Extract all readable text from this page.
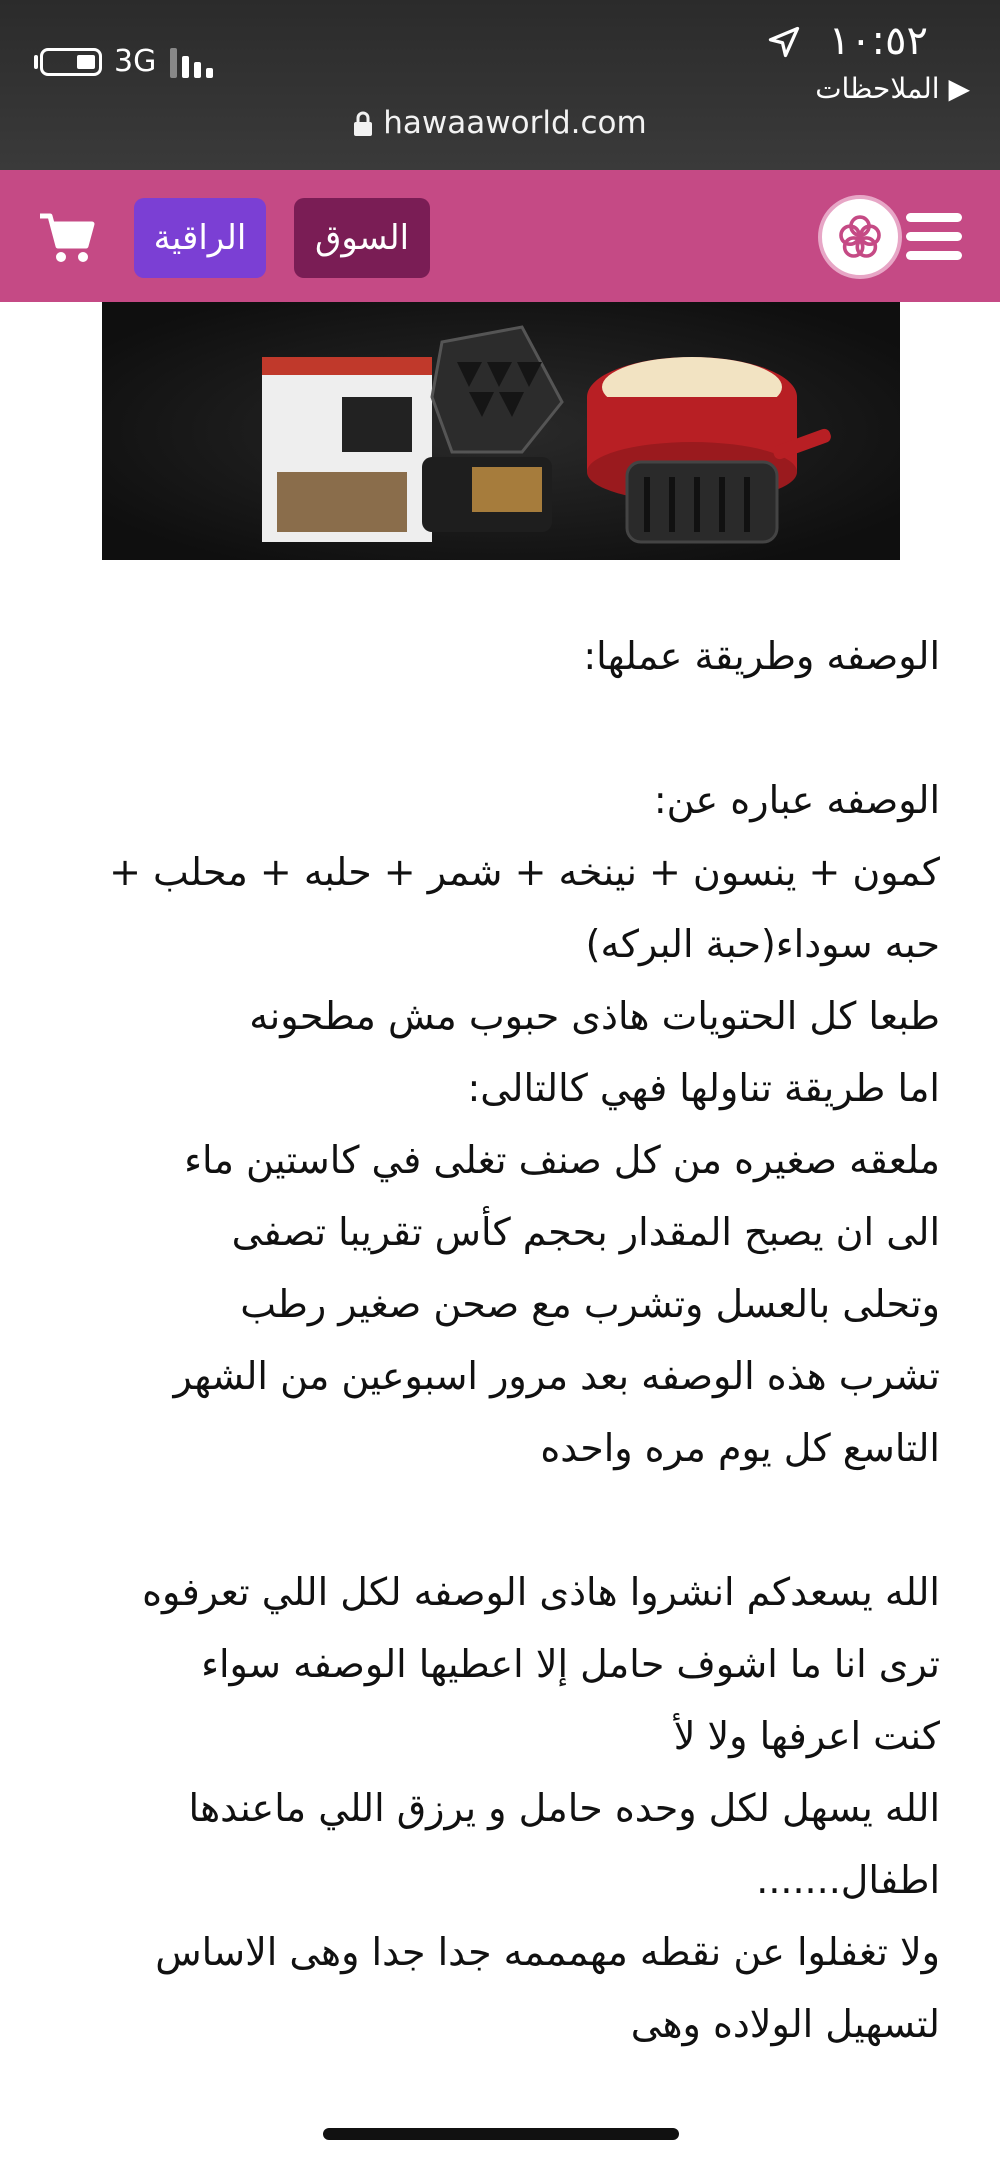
3G	١٠:٥٢
▶ الملاحظات
hawaaworld.com
السوق
الراقية

الوصفه وطريقة عملها:

الوصفه عباره عن:

كمون + ينسون + نينخه + شمر + حلبه + محلب +

حبه سوداء(حبة البركه)

طبعا كل الحتويات هاذى حبوب مش مطحونه

اما طريقة تناولها فهي كالتالى:

ملعقه صغيره من كل صنف تغلى في كاستين ماء

الى ان يصبح المقدار بحجم كأس تقريبا تصفى

وتحلى بالعسل وتشرب مع صحن صغير رطب

تشرب هذه الوصفه بعد مرور اسبوعين من الشهر

التاسع كل يوم مره واحده

الله يسعدكم انشروا هاذى الوصفه لكل اللي تعرفوه

ترى انا ما اشوف حامل إلا اعطيها الوصفه سواء

كنت اعرفها ولا لأ

الله يسهل لكل وحده حامل و يرزق اللي ماعندها

اطفال.......

ولا تغفلوا عن نقطه مهمممه جدا جدا وهى الاساس

لتسهيل الولاده وهى
